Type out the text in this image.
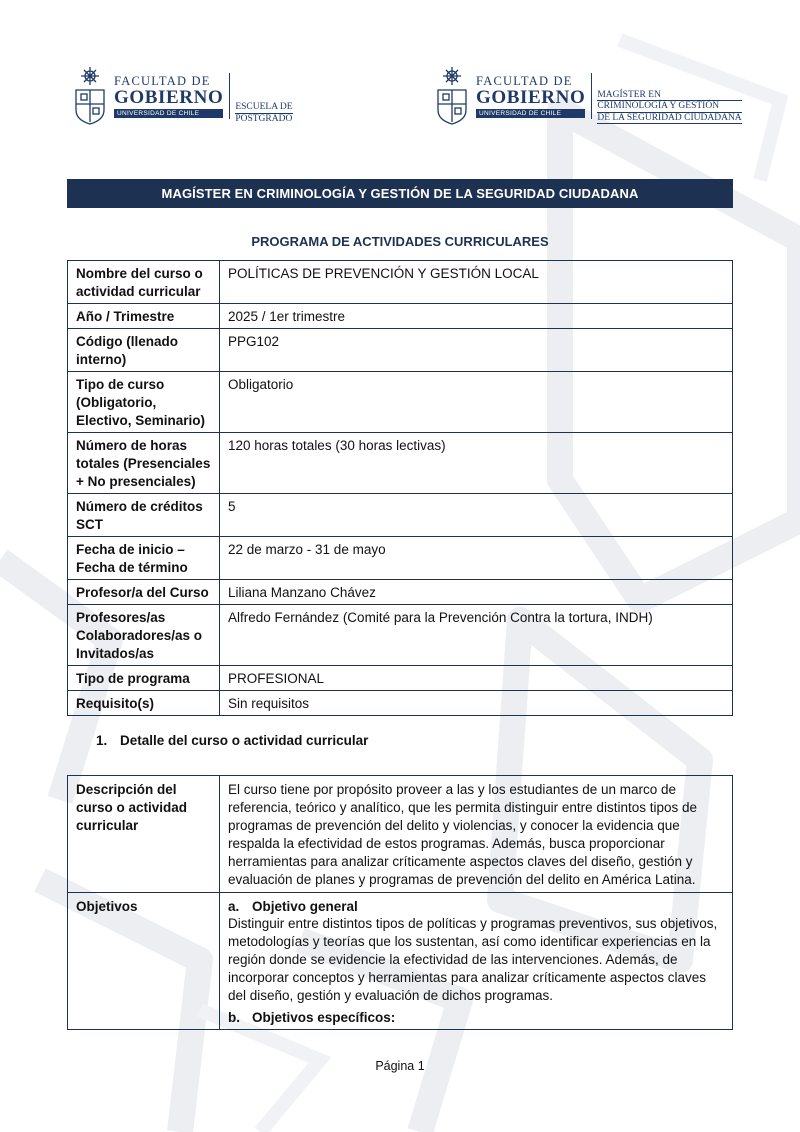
FACULTAD DE
GOBIERNO
UNIVERSIDAD DE CHILE
ESCUELA DE
POSTGRADO
FACULTAD DE
GOBIERNO
UNIVERSIDAD DE CHILE
MAGÍSTER EN
CRIMINOLOGÍA Y GESTIÓN
DE LA SEGURIDAD CIUDADANA
MAGÍSTER EN CRIMINOLOGÍA Y GESTIÓN DE LA SEGURIDAD CIUDADANA
PROGRAMA DE ACTIVIDADES CURRICULARES
Nombre del curso o actividad curricular	POLÍTICAS DE PREVENCIÓN Y GESTIÓN LOCAL
Año / Trimestre	2025 / 1er trimestre
Código (llenado interno)	PPG102
Tipo de curso (Obligatorio, Electivo, Seminario)	Obligatorio
Número de horas totales (Presenciales + No presenciales)	120 horas totales (30 horas lectivas)
Número de créditos SCT	5
Fecha de inicio – Fecha de término	22 de marzo - 31 de mayo
Profesor/a del Curso	Liliana Manzano Chávez
Profesores/as Colaboradores/as o Invitados/as	Alfredo Fernández (Comité para la Prevención Contra la tortura, INDH)
Tipo de programa	PROFESIONAL
Requisito(s)	Sin requisitos
1. Detalle del curso o actividad curricular
Descripción del curso o actividad curricular	El curso tiene por propósito proveer a las y los estudiantes de un marco de referencia, teórico y analítico, que les permita distinguir entre distintos tipos de programas de prevención del delito y violencias, y conocer la evidencia que respalda la efectividad de estos programas. Además, busca proporcionar herramientas para analizar críticamente aspectos claves del diseño, gestión y evaluación de planes y programas de prevención del delito en América Latina.

Objetivos	a. Objetivo general
Distinguir entre distintos tipos de políticas y programas preventivos, sus objetivos, metodologías y teorías que los sustentan, así como identificar experiencias en la región donde se evidencie la efectividad de las intervenciones. Además, de incorporar conceptos y herramientas para analizar críticamente aspectos claves del diseño, gestión y evaluación de dichos programas.
b. Objetivos específicos:
Página 1
